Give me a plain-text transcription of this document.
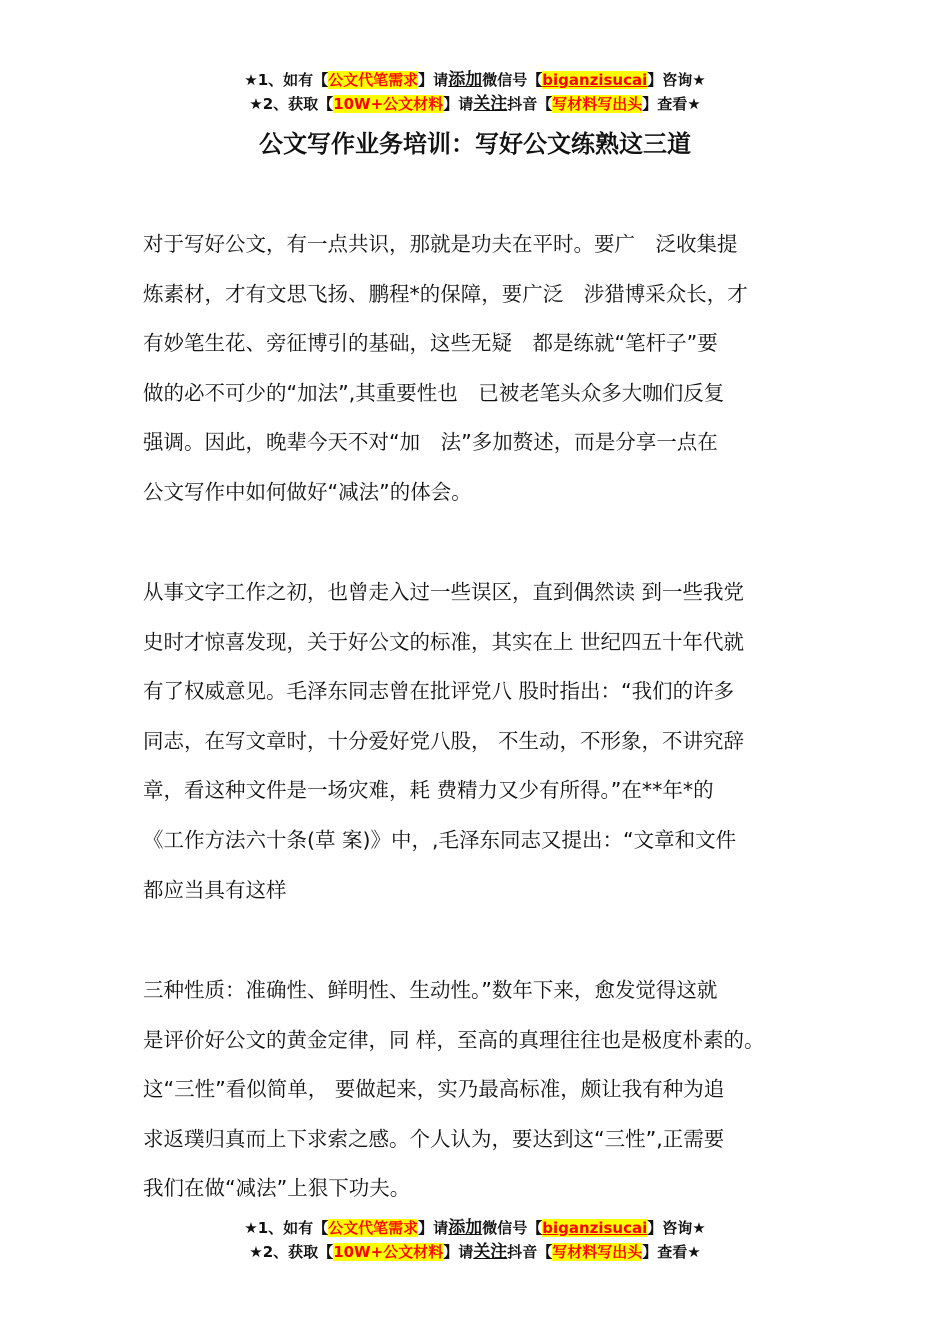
★1、如有【公文代笔需求】请添加微信号【biganzisucai】咨询★
★2、获取【10W+公文材料】请关注抖音【写材料写出头】查看★
公文写作业务培训：写好公文练熟这三道
对于写好公文，有一点共识，那就是功夫在平时。要广　泛收集提
炼素材，才有文思飞扬、鹏程*的保障，要广泛　涉猎博采众长，才
有妙笔生花、旁征博引的基础，这些无疑　都是练就“笔杆子”要
做的必不可少的“加法”,其重要性也　已被老笔头众多大咖们反复
强调。因此，晚辈今天不对“加　法”多加赘述，而是分享一点在
公文写作中如何做好“减法”的体会。
从事文字工作之初，也曾走入过一些误区，直到偶然读 到一些我党
史时才惊喜发现，关于好公文的标准，其实在上 世纪四五十年代就
有了权威意见。毛泽东同志曾在批评党八 股时指出：“我们的许多
同志，在写文章时，十分爱好党八股， 不生动，不形象，不讲究辞
章，看这种文件是一场灾难，耗 费精力又少有所得。”在**年*的
《工作方法六十条(草 案)》中，,毛泽东同志又提出：“文章和文件
都应当具有这样
三种性质：准确性、鲜明性、生动性。”数年下来，愈发觉得这就
是评价好公文的黄金定律，同 样，至高的真理往往也是极度朴素的。
这“三性”看似简单， 要做起来，实乃最高标准，颇让我有种为追
求返璞归真而上下求索之感。个人认为，要达到这“三性”,正需要
我们在做“减法”上狠下功夫。
★1、如有【公文代笔需求】请添加微信号【biganzisucai】咨询★
★2、获取【10W+公文材料】请关注抖音【写材料写出头】查看★
